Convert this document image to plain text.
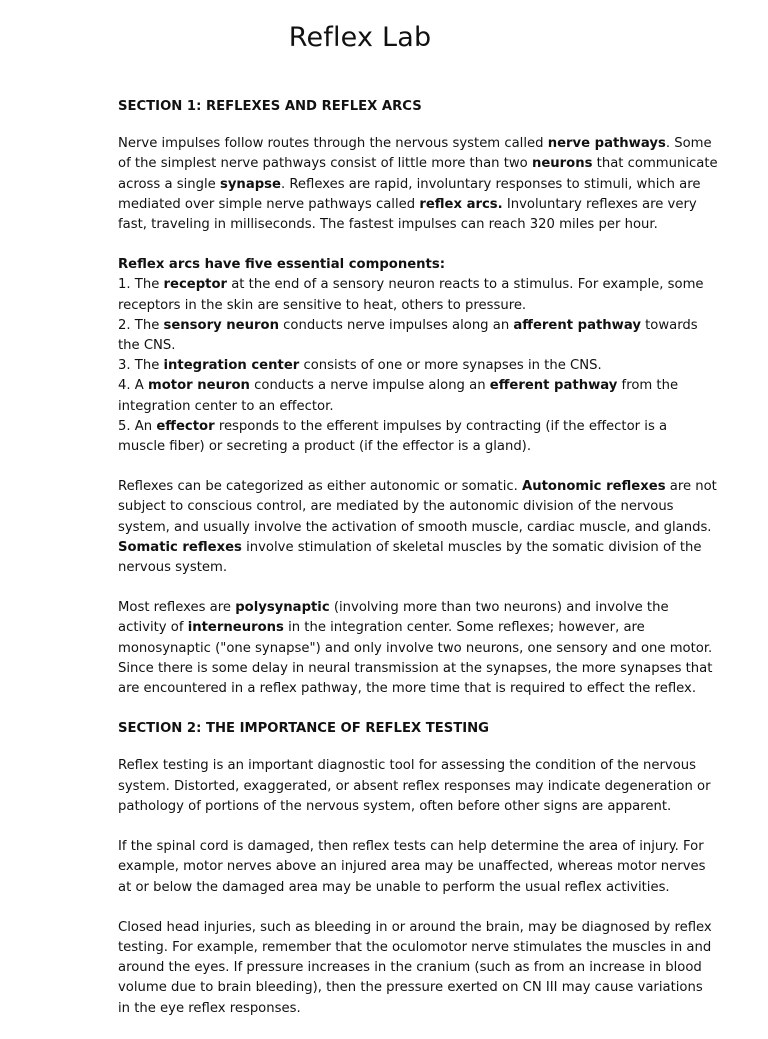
Reflex Lab
SECTION 1: REFLEXES AND REFLEX ARCS

Nerve impulses follow routes through the nervous system called nerve pathways. Some of the simplest nerve pathways consist of little more than two neurons that communicate across a single synapse. Reflexes are rapid, involuntary responses to stimuli, which are mediated over simple nerve pathways called reflex arcs. Involuntary reflexes are very fast, traveling in milliseconds. The fastest impulses can reach 320 miles per hour.

Reflex arcs have five essential components:
1. The receptor at the end of a sensory neuron reacts to a stimulus. For example, some receptors in the skin are sensitive to heat, others to pressure.
2. The sensory neuron conducts nerve impulses along an afferent pathway towards the CNS.
3. The integration center consists of one or more synapses in the CNS.
4. A motor neuron conducts a nerve impulse along an efferent pathway from the integration center to an effector.
5. An effector responds to the efferent impulses by contracting (if the effector is a muscle fiber) or secreting a product (if the effector is a gland).

Reflexes can be categorized as either autonomic or somatic. Autonomic reflexes are not subject to conscious control, are mediated by the autonomic division of the nervous system, and usually involve the activation of smooth muscle, cardiac muscle, and glands. Somatic reflexes involve stimulation of skeletal muscles by the somatic division of the nervous system.

Most reflexes are polysynaptic (involving more than two neurons) and involve the activity of interneurons in the integration center. Some reflexes; however, are monosynaptic ("one synapse") and only involve two neurons, one sensory and one motor. Since there is some delay in neural transmission at the synapses, the more synapses that are encountered in a reflex pathway, the more time that is required to effect the reflex.

SECTION 2: THE IMPORTANCE OF REFLEX TESTING

Reflex testing is an important diagnostic tool for assessing the condition of the nervous system. Distorted, exaggerated, or absent reflex responses may indicate degeneration or pathology of portions of the nervous system, often before other signs are apparent.

If the spinal cord is damaged, then reflex tests can help determine the area of injury. For example, motor nerves above an injured area may be unaffected, whereas motor nerves at or below the damaged area may be unable to perform the usual reflex activities.

Closed head injuries, such as bleeding in or around the brain, may be diagnosed by reflex testing. For example, remember that the oculomotor nerve stimulates the muscles in and around the eyes. If pressure increases in the cranium (such as from an increase in blood volume due to brain bleeding), then the pressure exerted on CN III may cause variations in the eye reflex responses.
